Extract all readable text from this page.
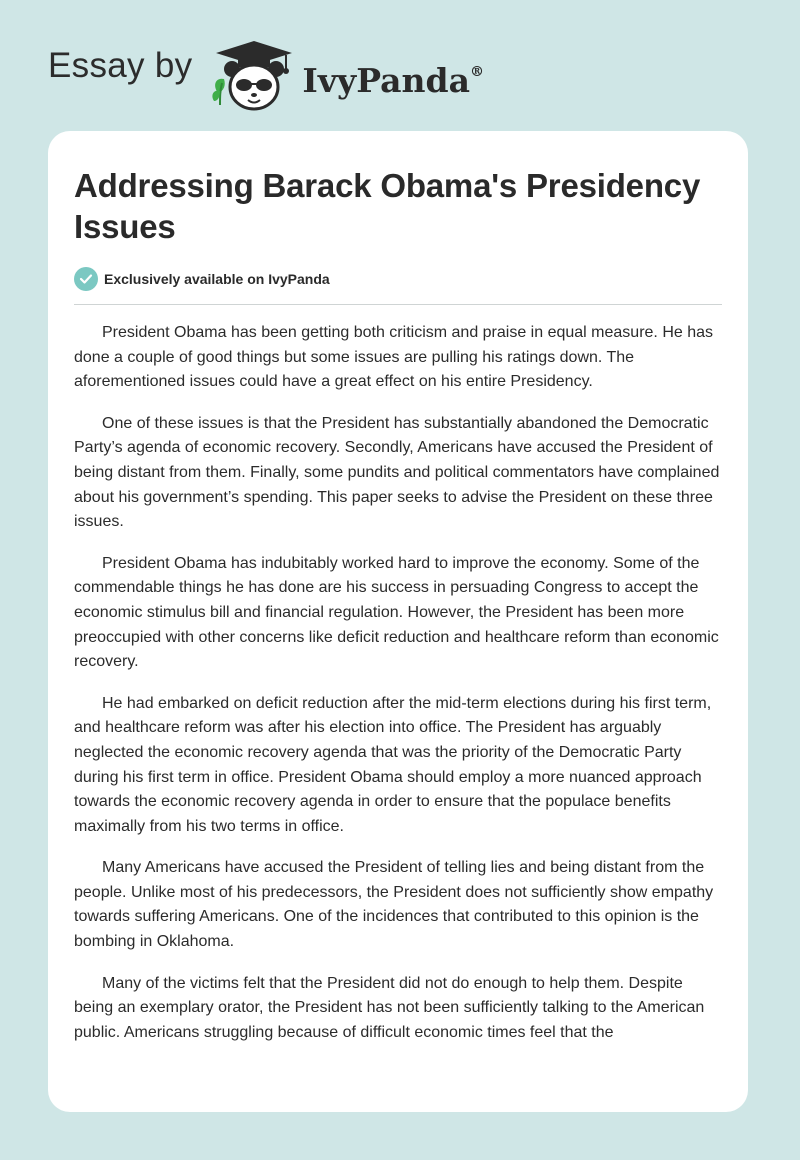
Essay by	IvyPanda®
Addressing Barack Obama's Presidency Issues
Exclusively available on IvyPanda

President Obama has been getting both criticism and praise in equal measure. He has done a couple of good things but some issues are pulling his ratings down. The aforementioned issues could have a great effect on his entire Presidency.

One of these issues is that the President has substantially abandoned the Democratic Party’s agenda of economic recovery. Secondly, Americans have accused the President of being distant from them. Finally, some pundits and political commentators have complained about his government’s spending. This paper seeks to advise the President on these three issues.

President Obama has indubitably worked hard to improve the economy. Some of the commendable things he has done are his success in persuading Congress to accept the economic stimulus bill and financial regulation. However, the President has been more preoccupied with other concerns like deficit reduction and healthcare reform than economic recovery.

He had embarked on deficit reduction after the mid-term elections during his first term, and healthcare reform was after his election into office. The President has arguably neglected the economic recovery agenda that was the priority of the Democratic Party during his first term in office. President Obama should employ a more nuanced approach towards the economic recovery agenda in order to ensure that the populace benefits maximally from his two terms in office.

Many Americans have accused the President of telling lies and being distant from the people. Unlike most of his predecessors, the President does not sufficiently show empathy towards suffering Americans. One of the incidences that contributed to this opinion is the bombing in Oklahoma.

Many of the victims felt that the President did not do enough to help them. Despite being an exemplary orator, the President has not been sufficiently talking to the American public. Americans struggling because of difficult economic times feel that the
